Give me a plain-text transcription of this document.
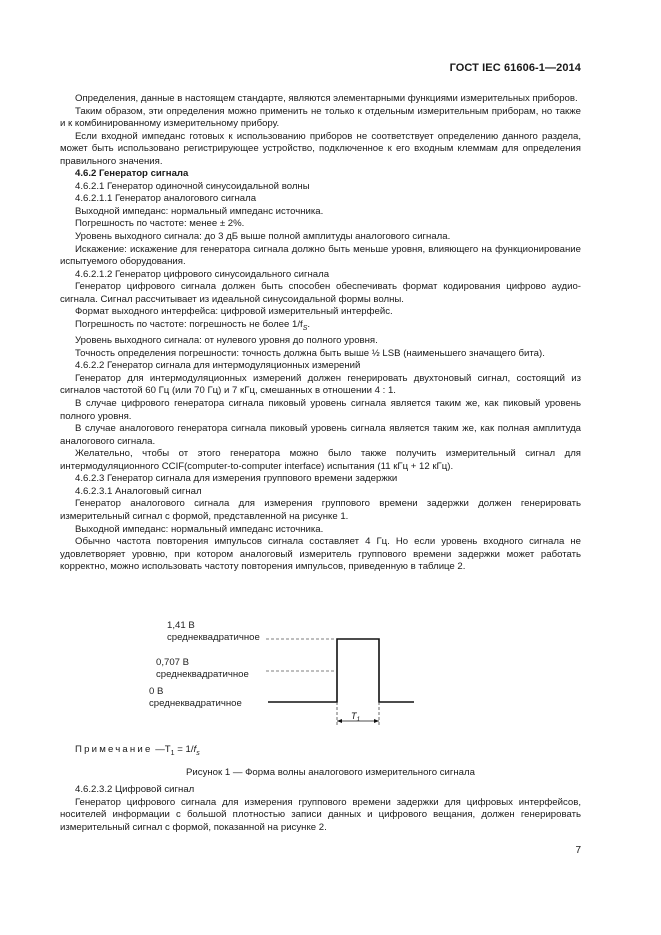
ГОСТ IEC 61606-1—2014

Определения, данные в настоящем стандарте, являются элементарными функциями измерительных приборов.

Таким образом, эти определения можно применить не только к отдельным измерительным приборам, но также и к комбинированному измерительному прибору.

Если входной импеданс готовых к использованию приборов не соответствует определению данного раздела, может быть использовано регистрирующее устройство, подключенное к его входным клеммам для определения правильного значения.

4.6.2 Генератор сигнала

4.6.2.1 Генератор одиночной синусоидальной волны

4.6.2.1.1 Генератор аналогового сигнала

Выходной импеданс: нормальный импеданс источника.

Погрешность по частоте: менее ± 2%.

Уровень выходного сигнала: до 3 дБ выше полной амплитуды аналогового сигнала.

Искажение: искажение для генератора сигнала должно быть меньше уровня, влияющего на функционирование испытуемого оборудования.

4.6.2.1.2 Генератор цифрового синусоидального сигнала

Генератор цифрового сигнала должен быть способен обеспечивать формат кодирования цифрово аудио-сигнала. Сигнал рассчитывает из идеальной синусоидальной формы волны.

Формат выходного интерфейса: цифровой измерительный интерфейс.

Погрешность по частоте: погрешность не более $1/f_S$.

Уровень выходного сигнала: от нулевого уровня до полного уровня.

Точность определения погрешности: точность должна быть выше ½ LSB (наименьшего значащего бита).

4.6.2.2 Генератор сигнала для интермодуляционных измерений

Генератор для интермодуляционных измерений должен генерировать двухтоновый сигнал, состоящий из сигналов частотой 60 Гц (или 70 Гц) и 7 кГц, смешанных в отношении 4 : 1.

В случае цифрового генератора сигнала пиковый уровень сигнала является таким же, как пиковый уровень полного уровня.

В случае аналогового генератора сигнала пиковый уровень сигнала является таким же, как полная амплитуда аналогового сигнала.

Желательно, чтобы от этого генератора можно было также получить измерительный сигнал для интермодуляционного CCIF(computer-to-computer interface) испытания (11 кГц + 12 кГц).

4.6.2.3 Генератор сигнала для измерения группового времени задержки

4.6.2.3.1 Аналоговый сигнал

Генератор аналогового сигнала для измерения группового времени задержки должен генерировать измерительный сигнал с формой, представленной на рисунке 1.

Выходной импеданс: нормальный импеданс источника.

Обычно частота повторения импульсов сигнала составляет 4 Гц. Но если уровень входного сигнала не удовлетворяет уровню, при котором аналоговый измеритель группового времени задержки может работать корректно, можно использовать частоту повторения импульсов, приведенную в таблице 2.

1,41 В
среднеквадратичное
0,707 В
среднеквадратичное
0 В
среднеквадратичное
$T_1$
Примечание $—T_1 = 1/f_s$
Рисунок 1 — Форма волны аналогового измерительного сигнала

4.6.2.3.2 Цифровой сигнал

Генератор цифрового сигнала для измерения группового времени задержки для цифровых интерфейсов, носителей информации с большой плотностью записи данных и цифрового вещания, должен генерировать измерительный сигнал с формой, показанной на рисунке 2.

7
